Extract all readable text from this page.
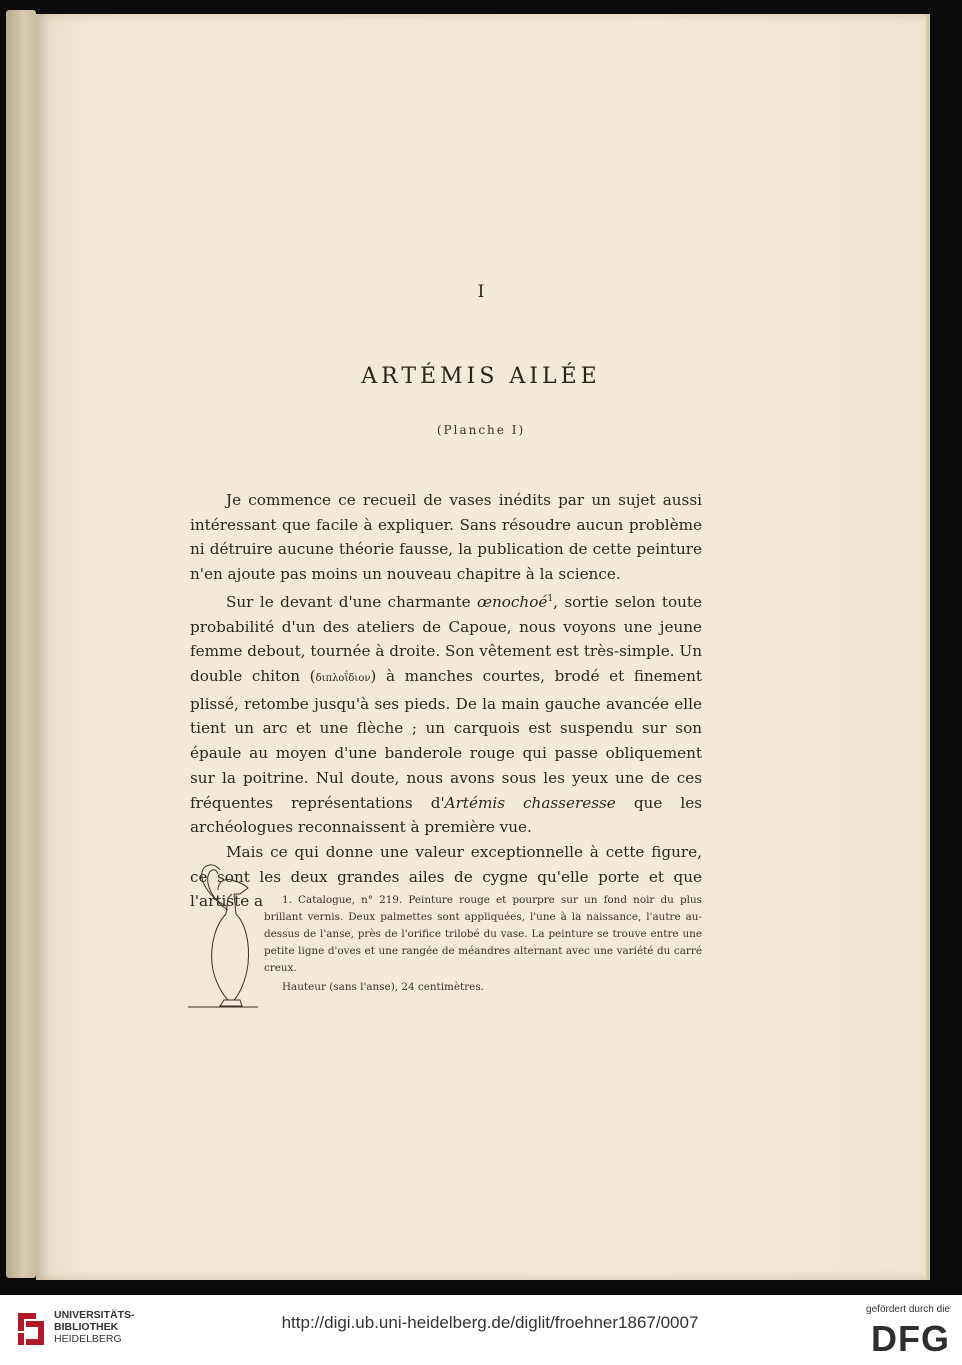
I
ARTÉMIS AILÉE
(Planche I)

Je commence ce recueil de vases inédits par un sujet aussi intéressant que facile à expliquer. Sans résoudre aucun problème ni détruire aucune théorie fausse, la publication de cette peinture n'en ajoute pas moins un nouveau chapitre à la science.

Sur le devant d'une charmante œnochoé$^1$, sortie selon toute probabilité d'un des ateliers de Capoue, nous voyons une jeune femme debout, tournée à droite. Son vêtement est très-simple. Un double chiton (διπλοΐδιον) à manches courtes, brodé et finement plissé, retombe jusqu'à ses pieds. De la main gauche avancée elle tient un arc et une flèche ; un carquois est suspendu sur son épaule au moyen d'une banderole rouge qui passe obliquement sur la poitrine. Nul doute, nous avons sous les yeux une de ces fréquentes représentations d'Artémis chasseresse que les archéologues reconnaissent à première vue.

Mais ce qui donne une valeur exceptionnelle à cette figure, ce sont les deux grandes ailes de cygne qu'elle porte et que l'artiste a	1. Catalogue, n° 219. Peinture rouge et pourpre sur un fond noir du plus brillant vernis. Deux palmettes sont appliquées, l'une à la naissance, l'autre au-dessus de l'anse, près de l'orifice trilobé du vase. La peinture se trouve entre une petite ligne d'oves et une rangée de méandres alternant avec une variété du carré creux.

Hauteur (sans l'anse), 24 centimètres.

UNIVERSITÄTS-
BIBLIOTHEK
HEIDELBERG
http://digi.ub.uni-heidelberg.de/diglit/froehner1867/0007
gefördert durch die
DFG
